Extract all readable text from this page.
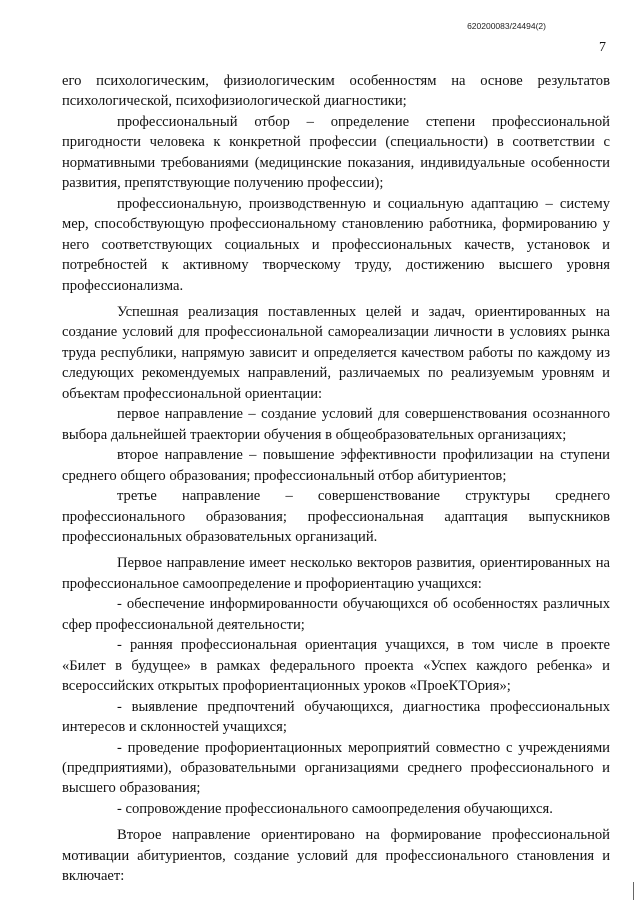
620200083/24494(2)
7

его психологическим, физиологическим особенностям на основе результатов психологической, психофизиологической диагностики;

профессиональный отбор – определение степени профессиональной пригодности человека к конкретной профессии (специальности) в соответствии с нормативными требованиями (медицинские показания, индивидуальные особенности развития, препятствующие получению профессии);

профессиональную, производственную и социальную адаптацию – систему мер, способствующую профессиональному становлению работника, формированию у него соответствующих социальных и профессиональных качеств, установок и потребностей к активному творческому труду, достижению высшего уровня профессионализма.

Успешная реализация поставленных целей и задач, ориентированных на создание условий для профессиональной самореализации личности в условиях рынка труда республики, напрямую зависит и определяется качеством работы по каждому из следующих рекомендуемых направлений, различаемых по реализуемым уровням и объектам профессиональной ориентации:

первое направление – создание условий для совершенствования осознанного выбора дальнейшей траектории обучения в общеобразовательных организациях;

второе направление – повышение эффективности профилизации на ступени среднего общего образования; профессиональный отбор абитуриентов;

третье направление – совершенствование структуры среднего профессионального образования; профессиональная адаптация выпускников профессиональных образовательных организаций.

Первое направление имеет несколько векторов развития, ориентированных на профессиональное самоопределение и профориентацию учащихся:

- обеспечение информированности обучающихся об особенностях различных сфер профессиональной деятельности;

- ранняя профессиональная ориентация учащихся, в том числе в проекте «Билет в будущее» в рамках федерального проекта «Успех каждого ребенка» и всероссийских открытых профориентационных уроков «ПроеКТОрия»;

- выявление предпочтений обучающихся, диагностика профессиональных интересов и склонностей учащихся;

- проведение профориентационных мероприятий совместно с учреждениями (предприятиями), образовательными организациями среднего профессионального и высшего образования;

- сопровождение профессионального самоопределения обучающихся.

Второе направление ориентировано на формирование профессиональной мотивации абитуриентов, создание условий для профессионального становления и включает:
